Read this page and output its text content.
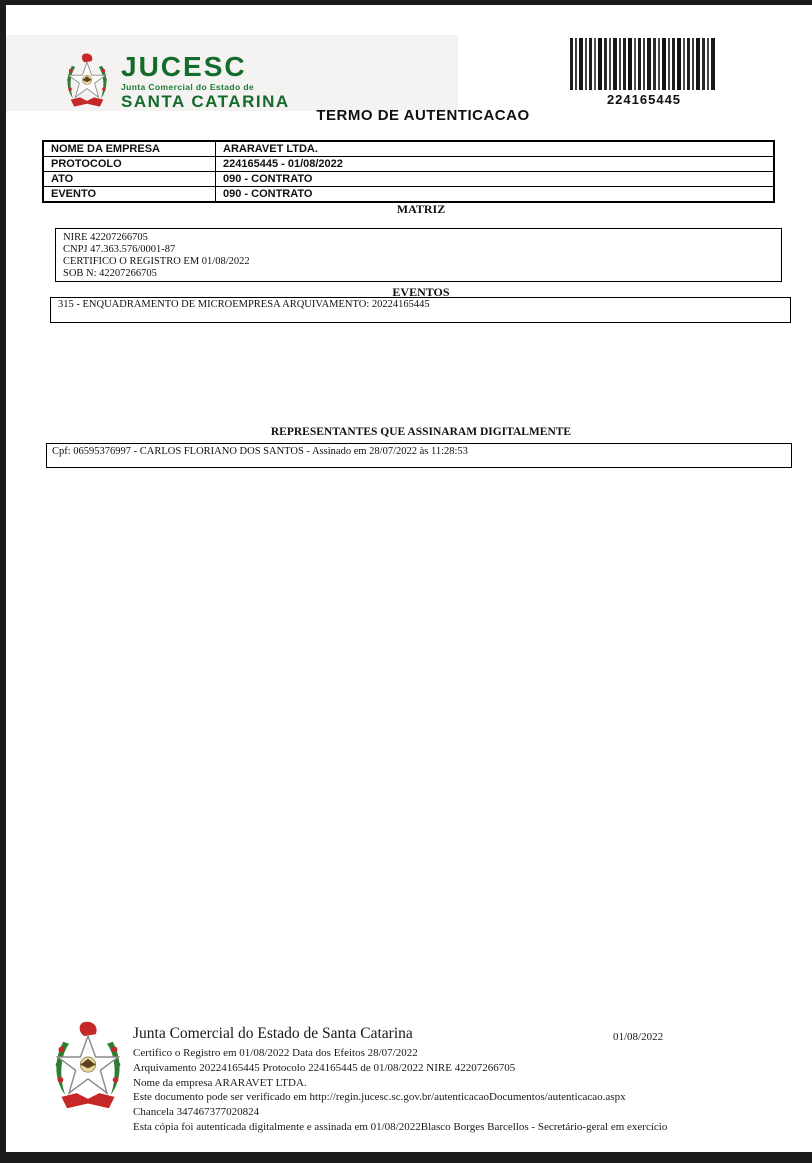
JUCESC
Junta Comercial do Estado de
SANTA CATARINA	224165445
TERMO DE AUTENTICACAO
NOME DA EMPRESA	ARARAVET LTDA.
PROTOCOLO	224165445 - 01/08/2022
ATO	090 - CONTRATO
EVENTO	090 - CONTRATO
MATRIZ
NIRE 42207266705
CNPJ 47.363.576/0001-87
CERTIFICO O REGISTRO EM 01/08/2022
SOB N: 42207266705
EVENTOS
315 - ENQUADRAMENTO DE MICROEMPRESA ARQUIVAMENTO: 20224165445
REPRESENTANTES QUE ASSINARAM DIGITALMENTE
Cpf: 06595376997 - CARLOS FLORIANO DOS SANTOS - Assinado em 28/07/2022 às 11:28:53
Junta Comercial do Estado de Santa Catarina	01/08/2022
Certifico o Registro em 01/08/2022 Data dos Efeitos 28/07/2022
Arquivamento 20224165445 Protocolo 224165445 de 01/08/2022 NIRE 42207266705
Nome da empresa ARARAVET LTDA.
Este documento pode ser verificado em http://regin.jucesc.sc.gov.br/autenticacaoDocumentos/autenticacao.aspx
Chancela 347467377020824
Esta cópia foi autenticada digitalmente e assinada em 01/08/2022Blasco Borges Barcellos - Secretário-geral em exercício
